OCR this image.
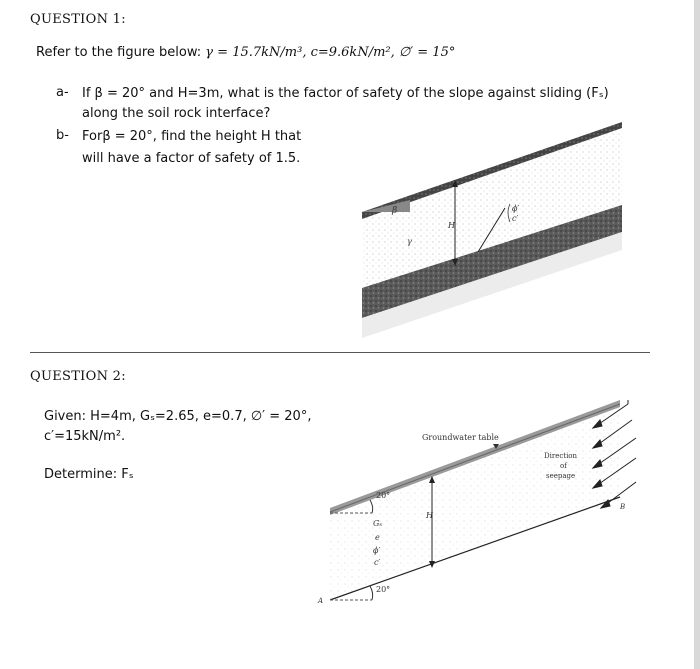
QUESTION 1:
Refer to the figure below: γ = 15.7kN/m³, c=9.6kN/m², ∅′ = 15°
a- If β = 20° and H=3m, what is the factor of safety of the slope against sliding (Fₛ)
along the soil rock interface?
b- Forβ = 20°, find the height H that
will have a factor of safety of 1.5.
β
H
γ
ϕ′
c′
QUESTION 2:
Given: H=4m, Gₛ=2.65, e=0.7, ∅′ = 20°,
c′=15kN/m².
Determine: Fₛ
Groundwater table
Direction
of
seepage
20°
Gₛ
e
ϕ′
c′
H
20°
A
B
